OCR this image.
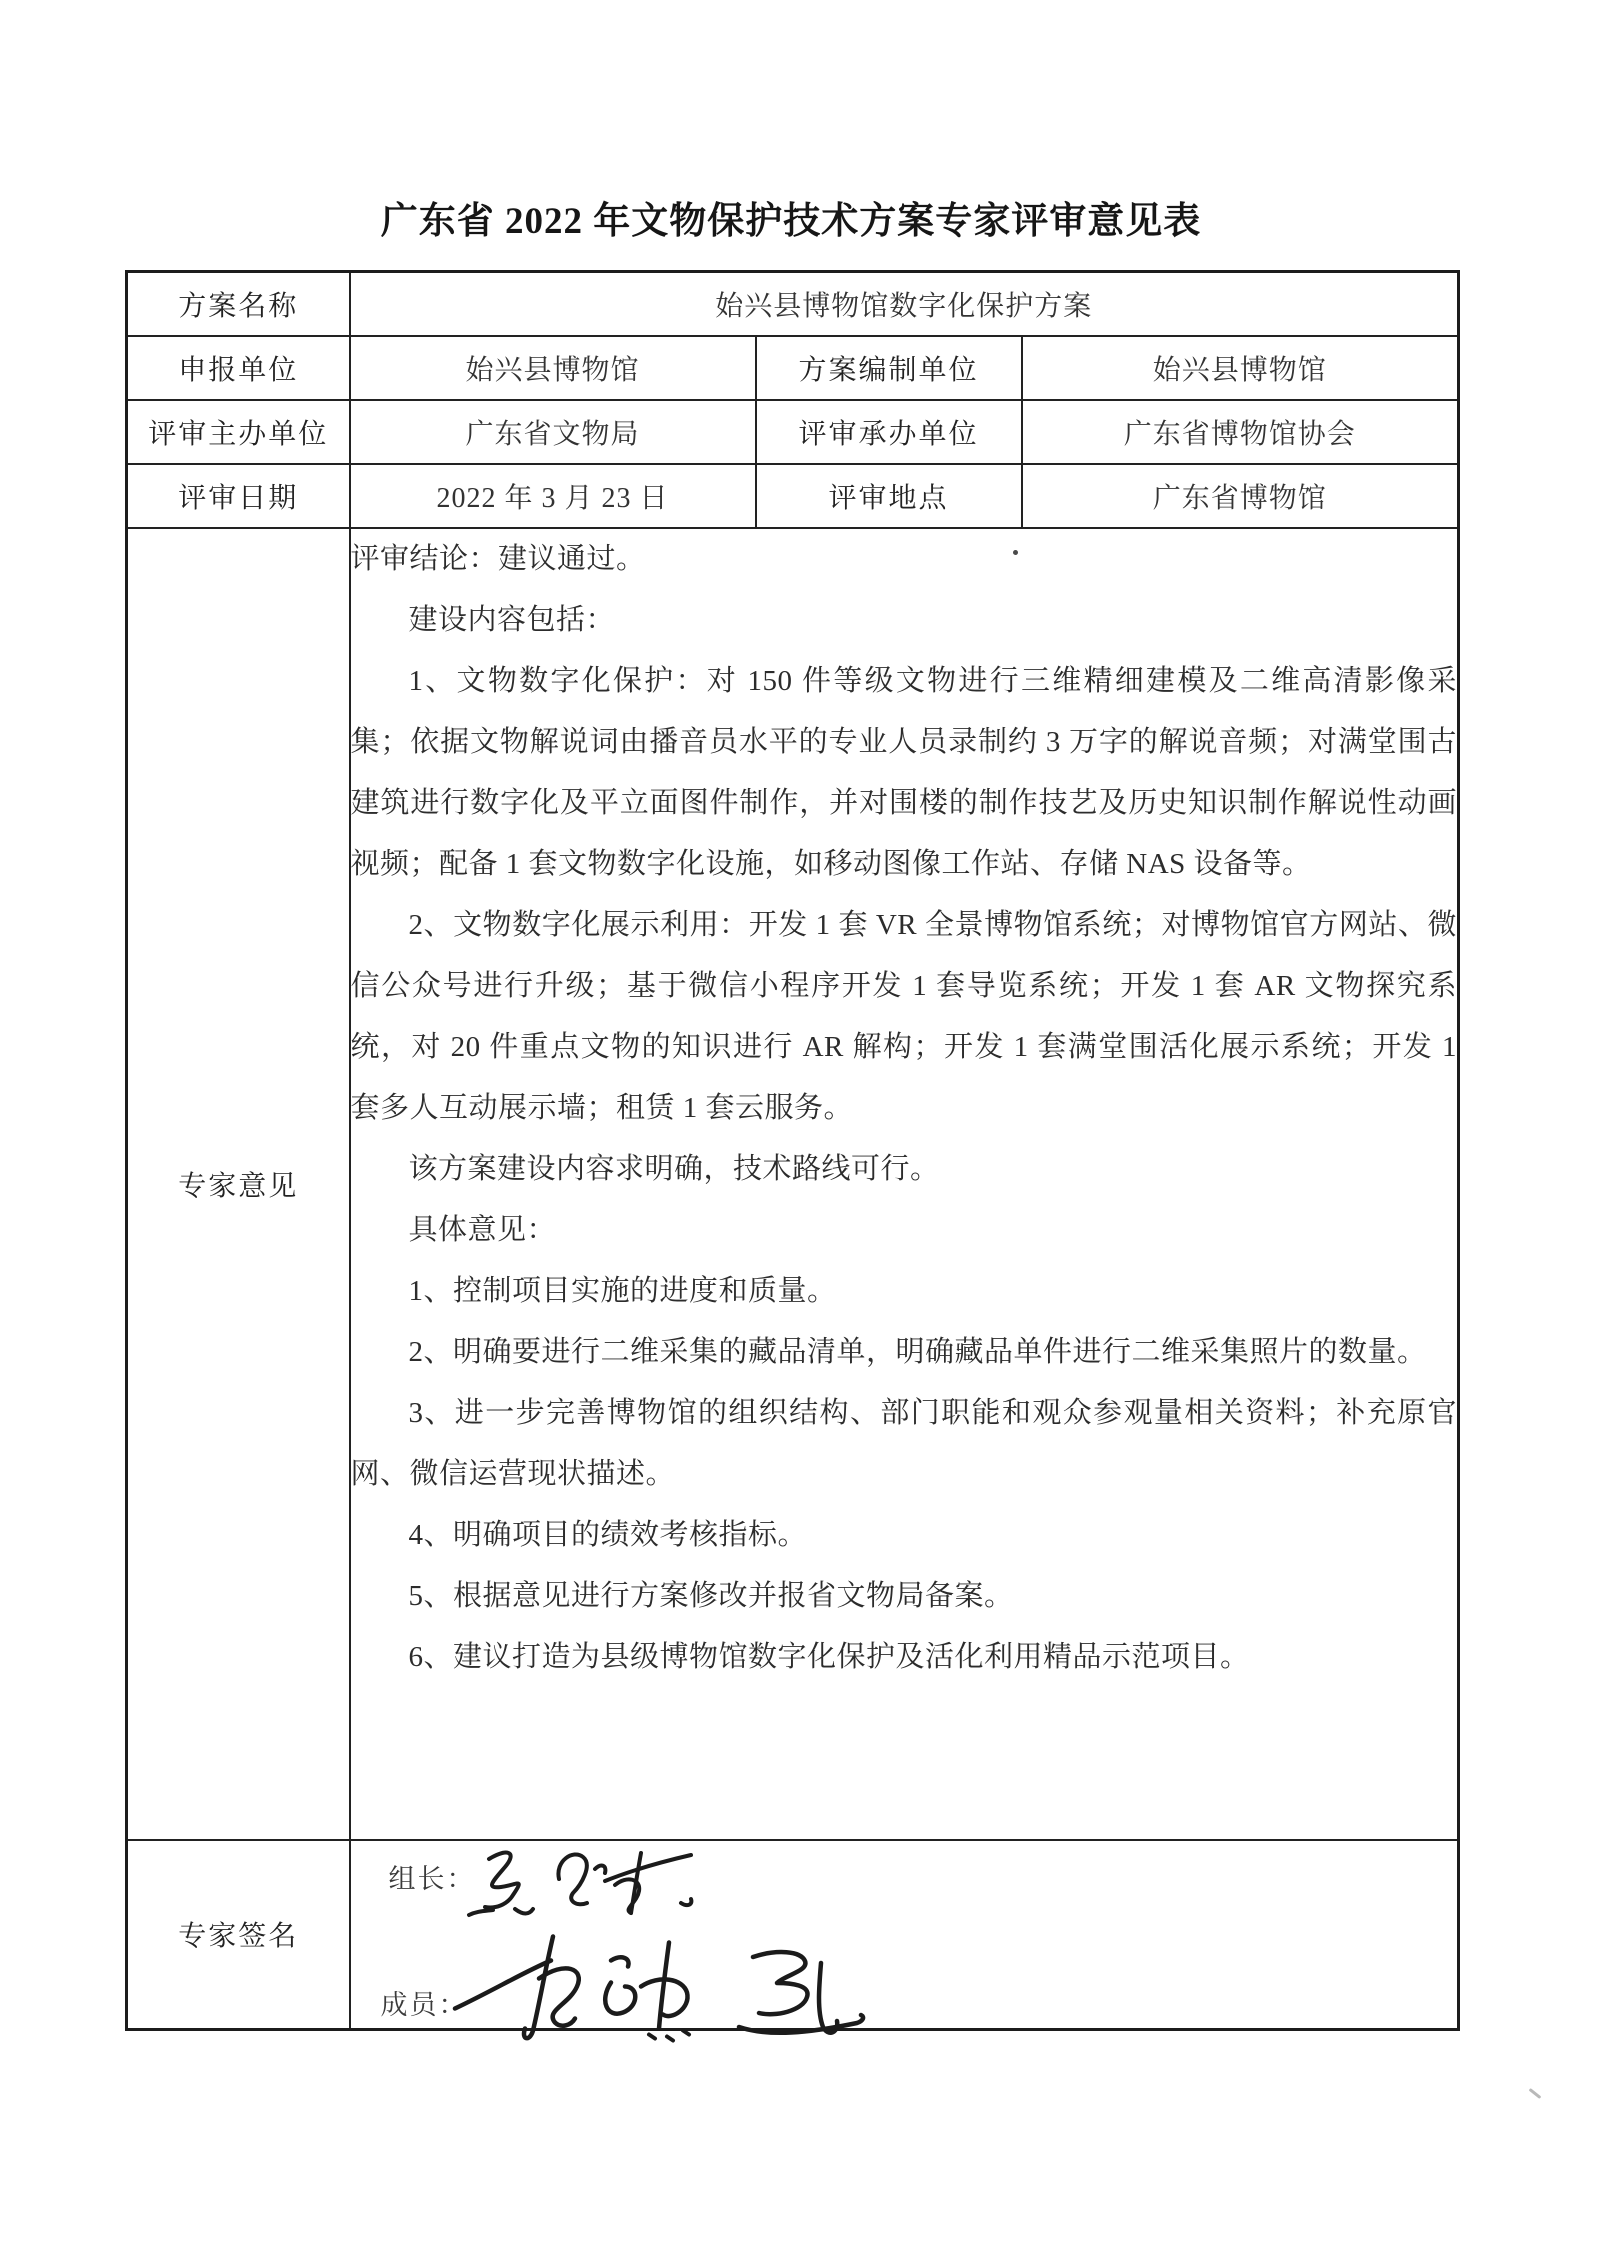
广东省 2022 年文物保护技术方案专家评审意见表
方案名称	始兴县博物馆数字化保护方案		
申报单位	始兴县博物馆	方案编制单位	始兴县博物馆
评审主办单位	广东省文物局	评审承办单位	广东省博物馆协会
评审日期	2022 年 3 月 23 日	评审地点	广东省博物馆
专家意见	

评审结论：建议通过。

建设内容包括：

1、文物数字化保护：对 150 件等级文物进行三维精细建模及二维高清影像采集；依据文物解说词由播音员水平的专业人员录制约 3 万字的解说音频；对满堂围古建筑进行数字化及平立面图件制作，并对围楼的制作技艺及历史知识制作解说性动画视频；配备 1 套文物数字化设施，如移动图像工作站、存储 NAS 设备等。

2、文物数字化展示利用：开发 1 套 VR 全景博物馆系统；对博物馆官方网站、微信公众号进行升级；基于微信小程序开发 1 套导览系统；开发 1 套 AR 文物探究系统，对 20 件重点文物的知识进行 AR 解构；开发 1 套满堂围活化展示系统；开发 1 套多人互动展示墙；租赁 1 套云服务。

该方案建设内容求明确，技术路线可行。

具体意见：

1、控制项目实施的进度和质量。

2、明确要进行二维采集的藏品清单，明确藏品单件进行二维采集照片的数量。

3、进一步完善博物馆的组织结构、部门职能和观众参观量相关资料；补充原官网、微信运营现状描述。

4、明确项目的绩效考核指标。

5、根据意见进行方案修改并报省文物局备案。

6、建议打造为县级博物馆数字化保护及活化利用精品示范项目。

专家签名	组长：
成员：		
